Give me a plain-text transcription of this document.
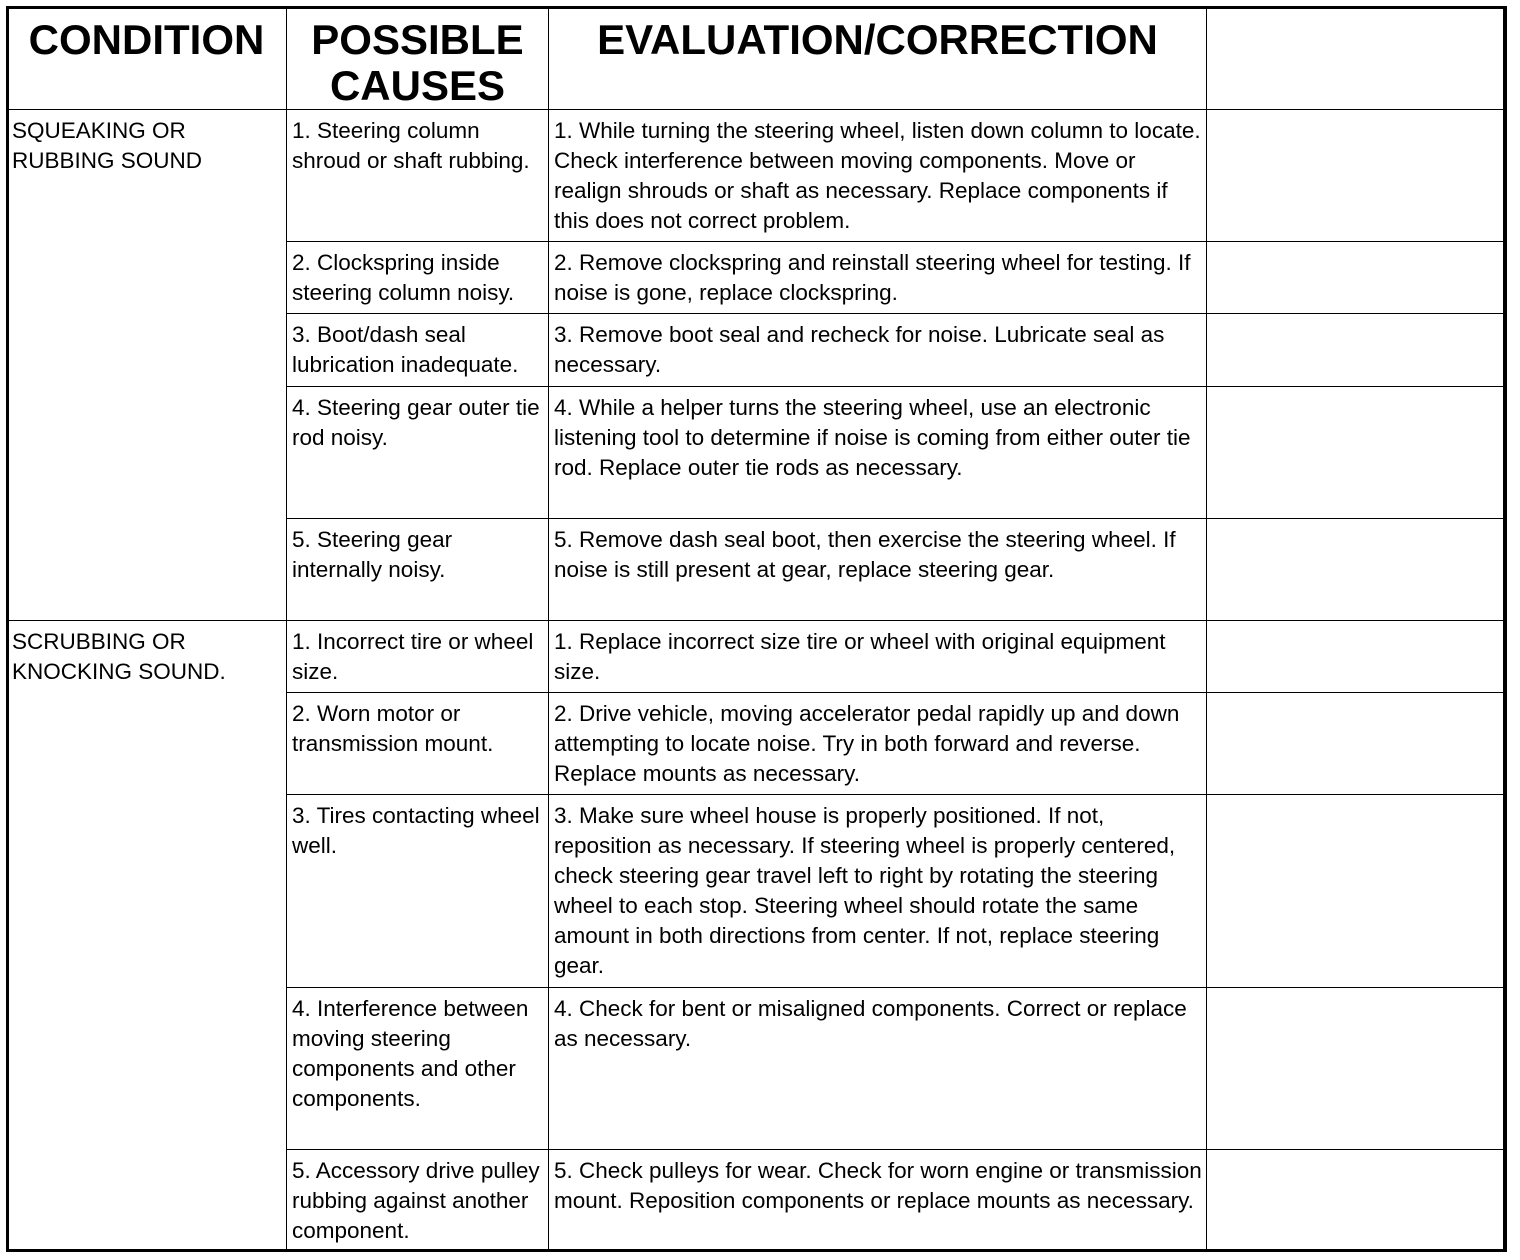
CONDITION	POSSIBLE CAUSES	EVALUATION/CORRECTION	
SQUEAKING OR RUBBING SOUND	1. Steering column shroud or shaft rubbing.	1. While turning the steering wheel, listen down column to locate. Check interference between moving components. Move or realign shrouds or shaft as necessary. Replace components if this does not correct problem.	
	2. Clockspring inside steering column noisy.	2. Remove clockspring and reinstall steering wheel for testing. If noise is gone, replace clockspring.	
	3. Boot/dash seal lubrication inadequate.	3. Remove boot seal and recheck for noise. Lubricate seal as necessary.	
	4. Steering gear outer tie rod noisy.	4. While a helper turns the steering wheel, use an electronic listening tool to determine if noise is coming from either outer tie rod. Replace outer tie rods as necessary.	
	5. Steering gear internally noisy.	5. Remove dash seal boot, then exercise the steering wheel. If noise is still present at gear, replace steering gear.	
SCRUBBING OR KNOCKING SOUND.	1. Incorrect tire or wheel size.	1. Replace incorrect size tire or wheel with original equipment size.	
	2. Worn motor or transmission mount.	2. Drive vehicle, moving accelerator pedal rapidly up and down attempting to locate noise. Try in both forward and reverse. Replace mounts as necessary.	
	3. Tires contacting wheel well.	3. Make sure wheel house is properly positioned. If not, reposition as necessary. If steering wheel is properly centered, check steering gear travel left to right by rotating the steering wheel to each stop. Steering wheel should rotate the same amount in both directions from center. If not, replace steering gear.	
	4. Interference between moving steering components and other components.	4. Check for bent or misaligned components. Correct or replace as necessary.	
	5. Accessory drive pulley rubbing against another component.	5. Check pulleys for wear. Check for worn engine or transmission mount. Reposition components or replace mounts as necessary.	
